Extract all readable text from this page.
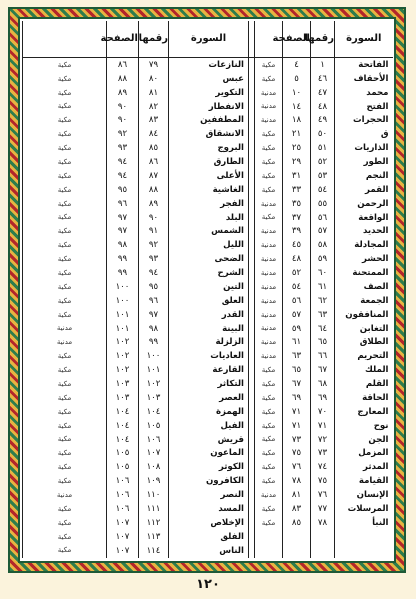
السورة	رقمها	الصفحة			السورة	رقمها	الصفحة	
الفاتحة	١	٤	مكية		النازعات	٧٩	٨٦	مكية
الأحقاف	٤٦	٥	مكية		عبس	٨٠	٨٨	مكية
محمد	٤٧	١٠	مدنية		التكوير	٨١	٨٩	مكية
الفتح	٤٨	١٤	مدنية		الانفطار	٨٢	٩٠	مكية
الحجرات	٤٩	١٨	مدنية		المطففين	٨٣	٩٠	مكية
ق	٥٠	٢١	مكية		الانشقاق	٨٤	٩٢	مكية
الذاريات	٥١	٢٥	مكية		البروج	٨٥	٩٣	مكية
الطور	٥٢	٢٩	مكية		الطارق	٨٦	٩٤	مكية
النجم	٥٣	٣١	مكية		الأعلى	٨٧	٩٤	مكية
القمر	٥٤	٣٣	مكية		الغاشية	٨٨	٩٥	مكية
الرحمن	٥٥	٣٥	مدنية		الفجر	٨٩	٩٦	مكية
الواقعة	٥٦	٣٧	مكية		البلد	٩٠	٩٧	مكية
الحديد	٥٧	٣٩	مدنية		الشمس	٩١	٩٧	مكية
المجادلة	٥٨	٤٥	مدنية		الليل	٩٢	٩٨	مكية
الحشر	٥٩	٤٨	مدنية		الضحى	٩٣	٩٩	مكية
الممتحنة	٦٠	٥٢	مدنية		الشرح	٩٤	٩٩	مكية
الصف	٦١	٥٤	مدنية		التين	٩٥	١٠٠	مكية
الجمعة	٦٢	٥٦	مدنية		العلق	٩٦	١٠٠	مكية
المنافقون	٦٣	٥٧	مدنية		القدر	٩٧	١٠١	مكية
التغابن	٦٤	٥٩	مدنية		البينة	٩٨	١٠١	مدنية
الطلاق	٦٥	٦١	مدنية		الزلزلة	٩٩	١٠٢	مدنية
التحريم	٦٦	٦٣	مدنية		العاديات	١٠٠	١٠٢	مكية
الملك	٦٧	٦٥	مكية		القارعة	١٠١	١٠٢	مكية
القلم	٦٨	٦٧	مكية		التكاثر	١٠٢	١٠٣	مكية
الحاقة	٦٩	٦٩	مكية		العصر	١٠٣	١٠٣	مكية
المعارج	٧٠	٧١	مكية		الهمزة	١٠٤	١٠٤	مكية
نوح	٧١	٧١	مكية		الفيل	١٠٥	١٠٤	مكية
الجن	٧٢	٧٣	مكية		قريش	١٠٦	١٠٤	مكية
المزمل	٧٣	٧٥	مكية		الماعون	١٠٧	١٠٥	مكية
المدثر	٧٤	٧٦	مكية		الكوثر	١٠٨	١٠٥	مكية
القيامة	٧٥	٧٨	مكية		الكافرون	١٠٩	١٠٦	مكية
الإنسان	٧٦	٨١	مدنية		النصر	١١٠	١٠٦	مدنية
المرسلات	٧٧	٨٣	مكية		المسد	١١١	١٠٦	مكية
النبأ	٧٨	٨٥	مكية		الإخلاص	١١٢	١٠٧	مكية
					الفلق	١١٣	١٠٧	مكية
					الناس	١١٤	١٠٧	مكية
١٢٠
